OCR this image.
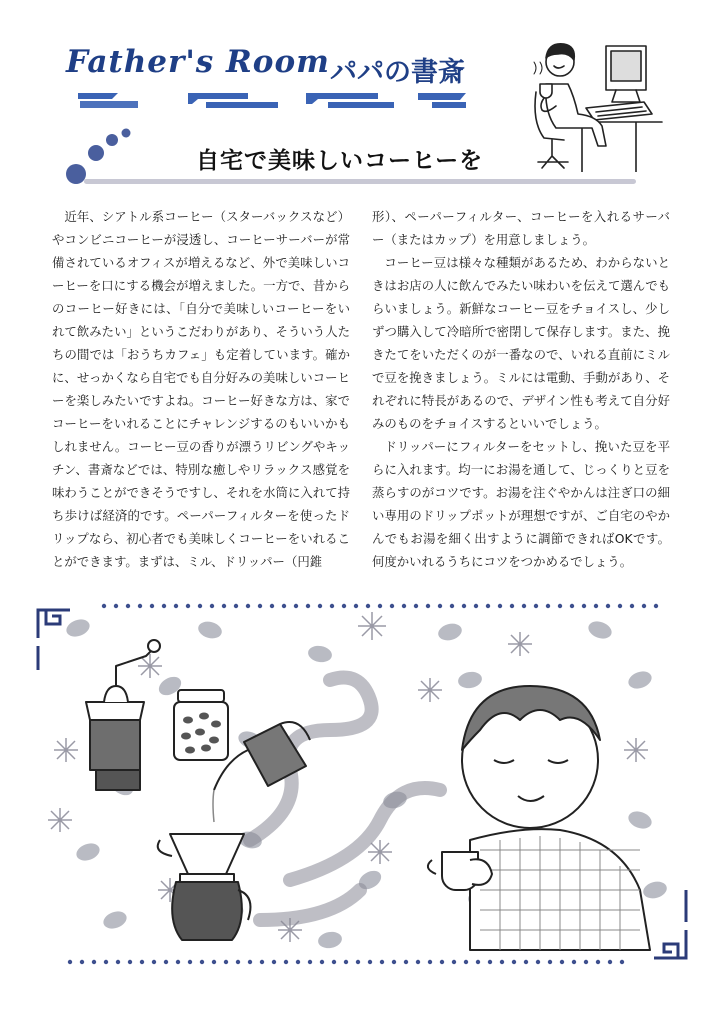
Father's Room パパの書斎
自宅で美味しいコーヒーを

近年、シアトル系コーヒー（スターバックスなど）やコンビニコーヒーが浸透し、コーヒーサーバーが常備されているオフィスが増えるなど、外で美味しいコーヒーを口にする機会が増えました。一方で、昔からのコーヒー好きには、「自分で美味しいコーヒーをいれて飲みたい」というこだわりがあり、そういう人たちの間では「おうちカフェ」も定着しています。確かに、せっかくなら自宅でも自分好みの美味しいコーヒーを楽しみたいですよね。コーヒー好きな方は、家でコーヒーをいれることにチャレンジするのもいいかもしれません。コーヒー豆の香りが漂うリビングやキッチン、書斎などでは、特別な癒しやリラックス感覚を味わうことができそうですし、それを水筒に入れて持ち歩けば経済的です。ペーパーフィルターを使ったドリップなら、初心者でも美味しくコーヒーをいれることができます。まずは、ミル、ドリッパー（円錐

形）、ペーパーフィルター、コーヒーを入れるサーバー（またはカップ）を用意しましょう。

コーヒー豆は様々な種類があるため、わからないときはお店の人に飲んでみたい味わいを伝えて選んでもらいましょう。新鮮なコーヒー豆をチョイスし、少しずつ購入して冷暗所で密閉して保存します。また、挽きたてをいただくのが一番なので、いれる直前にミルで豆を挽きましょう。ミルには電動、手動があり、それぞれに特長があるので、デザイン性も考えて自分好みのものをチョイスするといいでしょう。

ドリッパーにフィルターをセットし、挽いた豆を平らに入れます。均一にお湯を通して、じっくりと豆を蒸らすのがコツです。お湯を注ぐやかんは注ぎ口の細い専用のドリップポットが理想ですが、ご自宅のやかんでもお湯を細く出すように調節できればOKです。何度かいれるうちにコツをつかめるでしょう。
